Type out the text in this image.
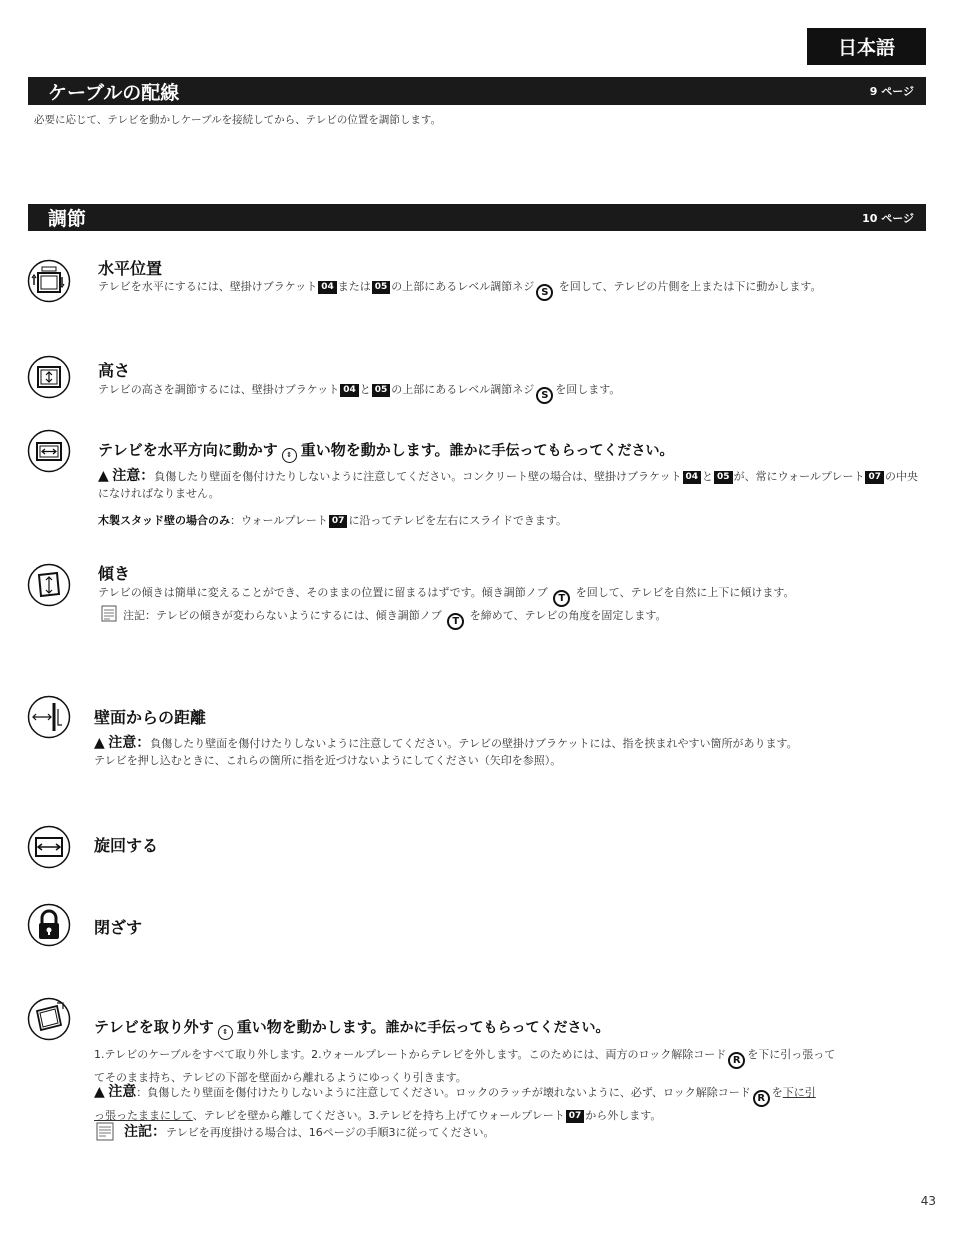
日本語
ケーブルの配線	9 ページ
必要に応じて、テレビを動かしケーブルを接続してから、テレビの位置を調節します。
調節	10 ページ
水平位置
テレビを水平にするには、壁掛けブラケット 04 または 05 の上部にあるレベル調節ネジ S を回して、テレビの片側を上または下に動かします。
高さ
テレビの高さを調節するには、壁掛けブラケット 04 と 05 の上部にあるレベル調節ネジ S を回します。
テレビを水平方向に動かす ⇕ 重い物を動かします。誰かに手伝ってもらってください。
▲ 注意：負傷したり壁面を傷付けたりしないように注意してください。コンクリート壁の場合は、壁掛けブラケット 04 と 05 が、常にウォールプレート 07 の中央になければなりません。
木製スタッド壁の場合のみ：ウォールプレート 07 に沿ってテレビを左右にスライドできます。
傾き
テレビの傾きは簡単に変えることができ、そのままの位置に留まるはずです。傾き調節ノブ T を回して、テレビを自然に上下に傾けます。
注記：テレビの傾きが変わらないようにするには、傾き調節ノブ T を締めて、テレビの角度を固定します。
壁面からの距離
▲ 注意：負傷したり壁面を傷付けたりしないように注意してください。テレビの壁掛けブラケットには、指を挟まれやすい箇所があります。
テレビを押し込むときに、これらの箇所に指を近づけないようにしてください（矢印を参照）。
旋回する
閉ざす
テレビを取り外す ⇕ 重い物を動かします。誰かに手伝ってもらってください。
1.テレビのケーブルをすべて取り外します。2.ウォールプレートからテレビを外します。このためには、両方のロック解除コード R を下に引っ張って
てそのまま持ち、テレビの下部を壁面から離れるようにゆっくり引きます。
▲ 注意：負傷したり壁面を傷付けたりしないように注意してください。ロックのラッチが壊れないように、必ず、ロック解除コード R を下に引
っ張ったままにして、テレビを壁から離してください。3.テレビを持ち上げてウォールプレート 07 から外します。
注記：テレビを再度掛ける場合は、16ページの手順3に従ってください。
43
